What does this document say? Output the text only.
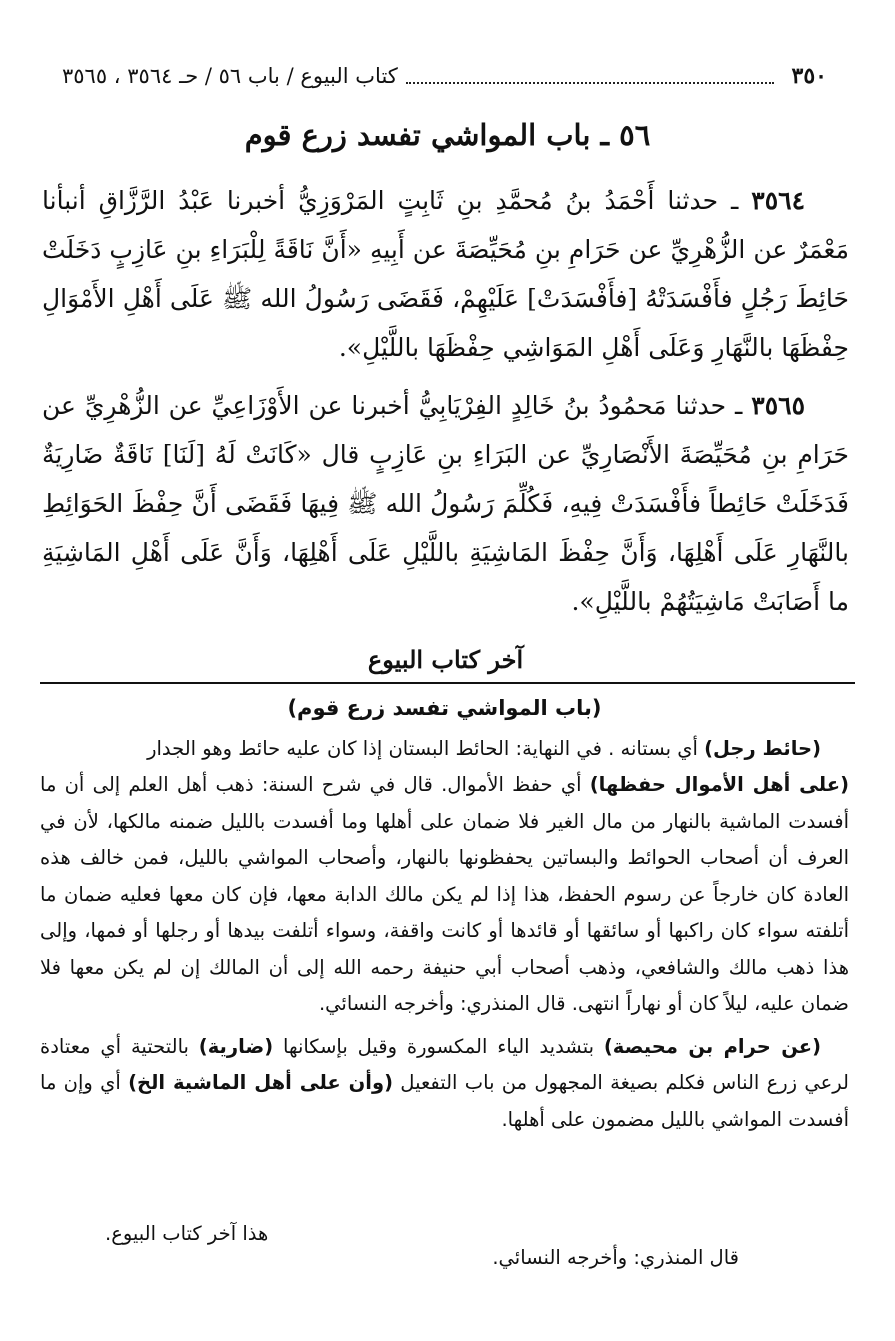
٣٥٠
كتاب البيوع / باب ٥٦ / حـ ٣٥٦٤ ، ٣٥٦٥
٥٦ ـ باب المواشي تفسد زرع قوم

٣٥٦٤ ـ حدثنا أَحْمَدُ بنُ مُحمَّدِ بنِ ثَابِتٍ المَرْوَزِيُّ أخبرنا عَبْدُ الرَّزَّاقِ أنبأنا مَعْمَرٌ عن الزُّهْرِيِّ عن حَرَامِ بنِ مُحَيِّصَةَ عن أَبِيهِ «أَنَّ نَاقَةً لِلْبَرَاءِ بنِ عَازِبٍ دَخَلَتْ حَائِطَ رَجُلٍ فأَفْسَدَتْهُ [فأَفْسَدَتْ] عَلَيْهِمْ، فَقَضَى رَسُولُ الله ﷺ عَلَى أَهْلِ الأَمْوَالِ حِفْظَهَا بالنَّهَارِ وَعَلَى أَهْلِ المَوَاشِي حِفْظَهَا باللَّيْلِ».

٣٥٦٥ ـ حدثنا مَحمُودُ بنُ خَالِدٍ الفِرْيَابِيُّ أخبرنا عن الأَوْزَاعِيِّ عن الزُّهْرِيِّ عن حَرَامِ بنِ مُحَيِّصَةَ الأَنْصَارِيِّ عن البَرَاءِ بنِ عَازِبٍ قال «كَانَتْ لَهُ [لَنَا] نَاقَةٌ ضَارِيَةٌ فَدَخَلَتْ حَائِطاً فأَفْسَدَتْ فِيهِ، فَكُلِّمَ رَسُولُ الله ﷺ فِيهَا فَقَضَى أَنَّ حِفْظَ الحَوَائِطِ بالنَّهَارِ عَلَى أَهْلِهَا، وَأَنَّ حِفْظَ المَاشِيَةِ باللَّيْلِ عَلَى أَهْلِهَا، وَأَنَّ عَلَى أَهْلِ المَاشِيَةِ ما أَصَابَتْ مَاشِيَتُهُمْ باللَّيْلِ».

آخر كتاب البيوع

(باب المواشي تفسد زرع قوم)

(حائط رجل) أي بستانه . في النهاية: الحائط البستان إذا كان عليه حائط وهو الجدار
(على أهل الأموال حفظها) أي حفظ الأموال. قال في شرح السنة: ذهب أهل العلم إلى أن ما أفسدت الماشية بالنهار من مال الغير فلا ضمان على أهلها وما أفسدت بالليل ضمنه مالكها، لأن في العرف أن أصحاب الحوائط والبساتين يحفظونها بالنهار، وأصحاب المواشي بالليل، فمن خالف هذه العادة كان خارجاً عن رسوم الحفظ، هذا إذا لم يكن مالك الدابة معها، فإن كان معها فعليه ضمان ما أتلفته سواء كان راكبها أو سائقها أو قائدها أو كانت واقفة، وسواء أتلفت بيدها أو رجلها أو فمها، وإلى هذا ذهب مالك والشافعي، وذهب أصحاب أبي حنيفة رحمه الله إلى أن المالك إن لم يكن معها فلا ضمان عليه، ليلاً كان أو نهاراً انتهى. قال المنذري: وأخرجه النسائي.

(عن حرام بن محيصة) بتشديد الياء المكسورة وقيل بإسكانها (ضارية) بالتحتية أي معتادة لرعي زرع الناس فكلم بصيغة المجهول من باب التفعيل (وأن على أهل الماشية الخ) أي وإن ما أفسدت المواشي بالليل مضمون على أهلها.

هذا آخر كتاب البيوع.
قال المنذري: وأخرجه النسائي.
